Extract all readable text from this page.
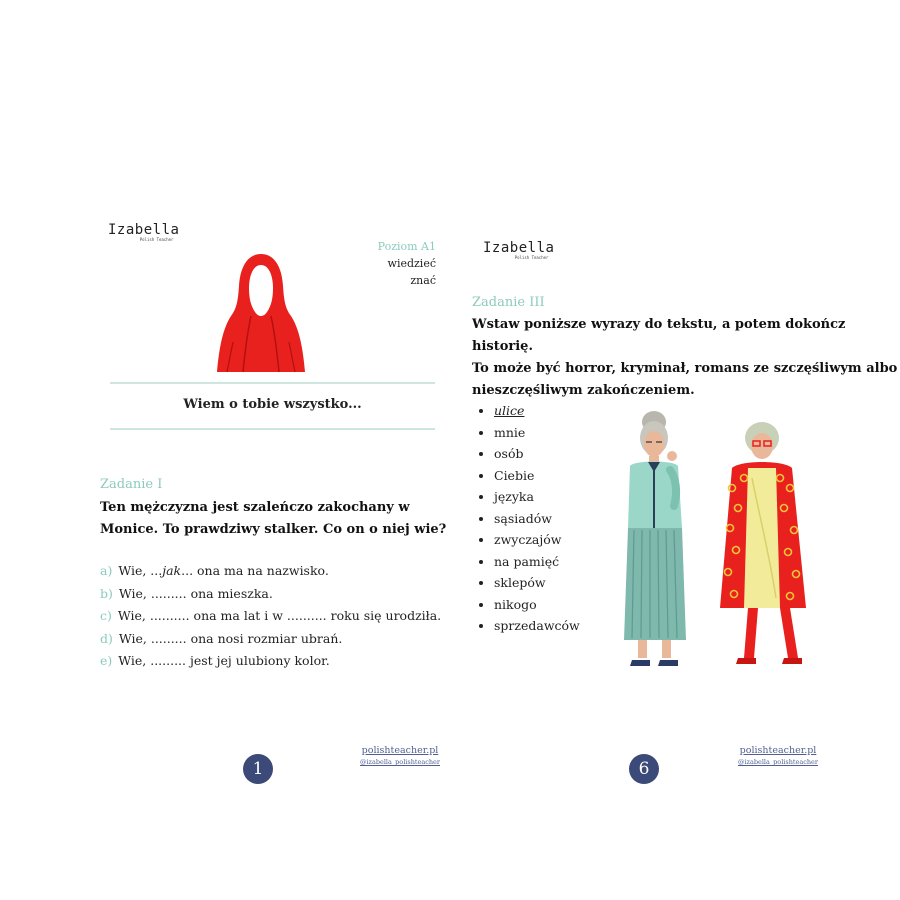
Izabella
Polish Teacher
Poziom A1
wiedzieć
znać
Wiem o tobie wszystko...
Zadanie I
Ten mężczyzna jest szaleńczo zakochany w
Monice. To prawdziwy stalker. Co on o niej wie?
a) Wie, ...jak... ona ma na nazwisko.
b) Wie, ......... ona mieszka.
c) Wie, .......... ona ma lat i w .......... roku się urodziła.
d) Wie, ......... ona nosi rozmiar ubrań.
e) Wie, ......... jest jej ulubiony kolor.
1
polishteacher.pl
@izabella_polishteacher
Izabella
Polish Teacher
Zadanie III
Wstaw poniższe wyrazy do tekstu, a potem dokończ historię.
To może być horror, kryminał, romans ze szczęśliwym albo
nieszczęśliwym zakończeniem.
• ulice
• mnie
• osób
• Ciebie
• języka
• sąsiadów
• zwyczajów
• na pamięć
• sklepów
• nikogo
• sprzedawców
6
polishteacher.pl
@izabella_polishteacher
